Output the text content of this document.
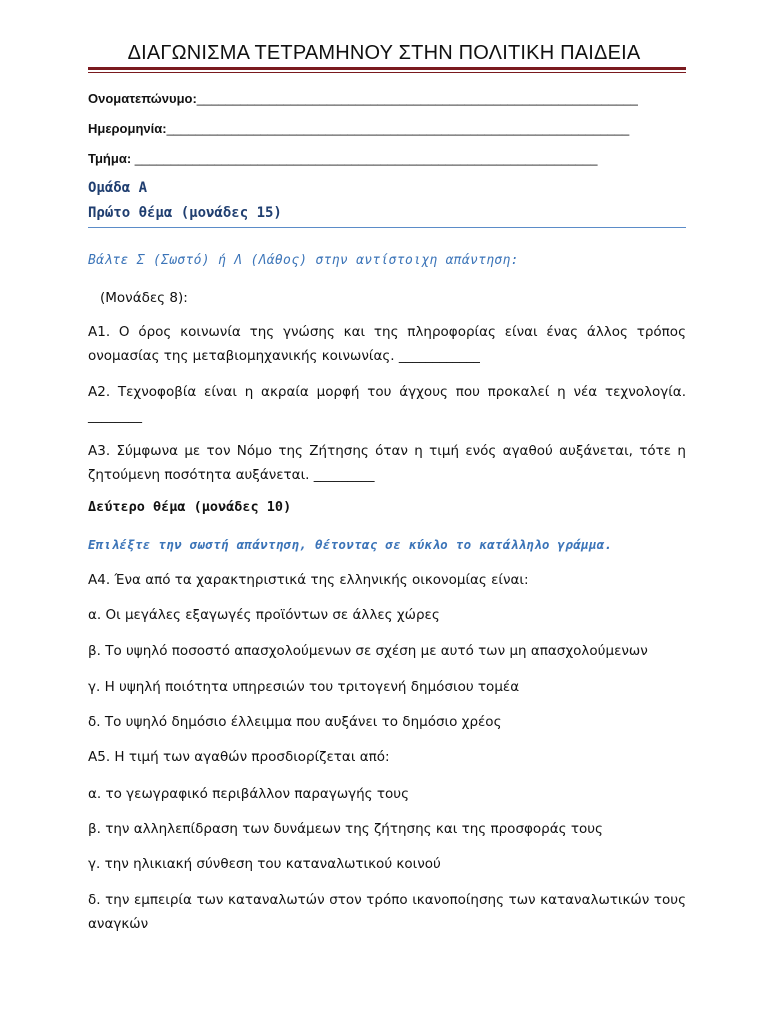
ΔΙΑΓΩΝΙΣΜΑ ΤΕΤΡΑΜΗΝΟΥ ΣΤΗΝ ΠΟΛΙΤΙΚΗ ΠΑΙΔΕΙΑ
Ονοματεπώνυμο:_____________________________________________________________
Ημερομηνία:________________________________________________________________
Τμήμα: ________________________________________________________________
Ομάδα Α
Πρώτο θέμα (μονάδες 15)
Βάλτε Σ (Σωστό) ή Λ (Λάθος) στην αντίστοιχη απάντηση:
(Μονάδες 8):
Α1. Ο όρος κοινωνία της γνώσης και της πληροφορίας είναι ένας άλλος τρόπος ονομασίας της μεταβιομηχανικής κοινωνίας. ____________
Α2. Τεχνοφοβία είναι η ακραία μορφή του άγχους που προκαλεί η νέα τεχνολογία. ________
Α3. Σύμφωνα με τον Νόμο της Ζήτησης όταν η τιμή ενός αγαθού αυξάνεται, τότε η ζητούμενη ποσότητα αυξάνεται. _________
Δεύτερο θέμα (μονάδες 10)
Επιλέξτε την σωστή απάντηση, θέτοντας σε κύκλο το κατάλληλο γράμμα.
Α4. Ένα από τα χαρακτηριστικά της ελληνικής οικονομίας είναι:
α. Οι μεγάλες εξαγωγές προϊόντων σε άλλες χώρες
β. Το υψηλό ποσοστό απασχολούμενων σε σχέση με αυτό των μη απασχολούμενων
γ. Η υψηλή ποιότητα υπηρεσιών του τριτογενή δημόσιου τομέα
δ. Το υψηλό δημόσιο έλλειμμα που αυξάνει το δημόσιο χρέος
Α5. Η τιμή των αγαθών προσδιορίζεται από:
α. το γεωγραφικό περιβάλλον παραγωγής τους
β. την αλληλεπίδραση των δυνάμεων της ζήτησης και της προσφοράς τους
γ. την ηλικιακή σύνθεση του καταναλωτικού κοινού
δ. την εμπειρία των καταναλωτών στον τρόπο ικανοποίησης των καταναλωτικών τους αναγκών
